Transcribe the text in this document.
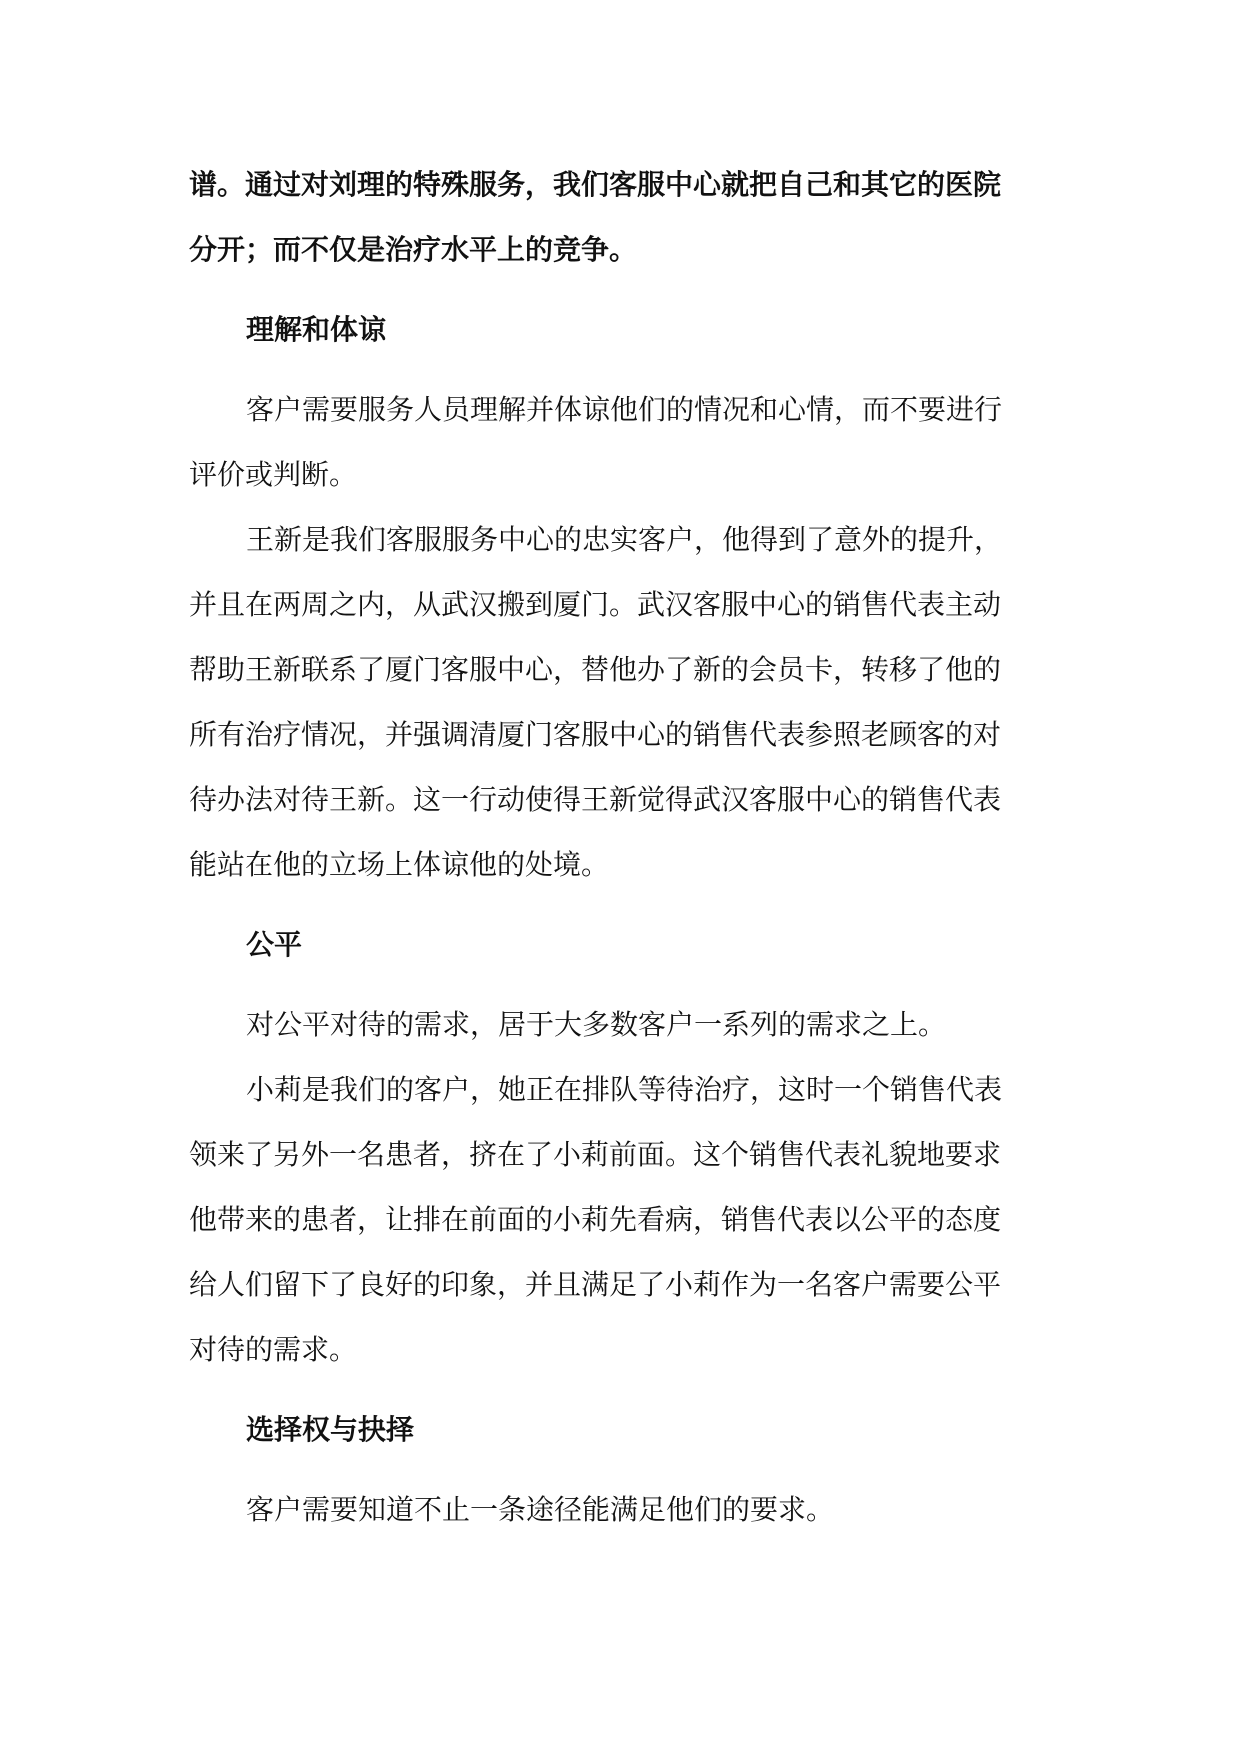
谱。通过对刘理的特殊服务，我们客服中心就把自己和其它的医院

分开；而不仅是治疗水平上的竞争。

理解和体谅

客户需要服务人员理解并体谅他们的情况和心情，而不要进行

评价或判断。

王新是我们客服服务中心的忠实客户，他得到了意外的提升，

并且在两周之内，从武汉搬到厦门。武汉客服中心的销售代表主动

帮助王新联系了厦门客服中心，替他办了新的会员卡，转移了他的

所有治疗情况，并强调清厦门客服中心的销售代表参照老顾客的对

待办法对待王新。这一行动使得王新觉得武汉客服中心的销售代表

能站在他的立场上体谅他的处境。

公平

对公平对待的需求，居于大多数客户一系列的需求之上。

小莉是我们的客户，她正在排队等待治疗，这时一个销售代表

领来了另外一名患者，挤在了小莉前面。这个销售代表礼貌地要求

他带来的患者，让排在前面的小莉先看病，销售代表以公平的态度

给人们留下了良好的印象，并且满足了小莉作为一名客户需要公平

对待的需求。

选择权与抉择

客户需要知道不止一条途径能满足他们的要求。
